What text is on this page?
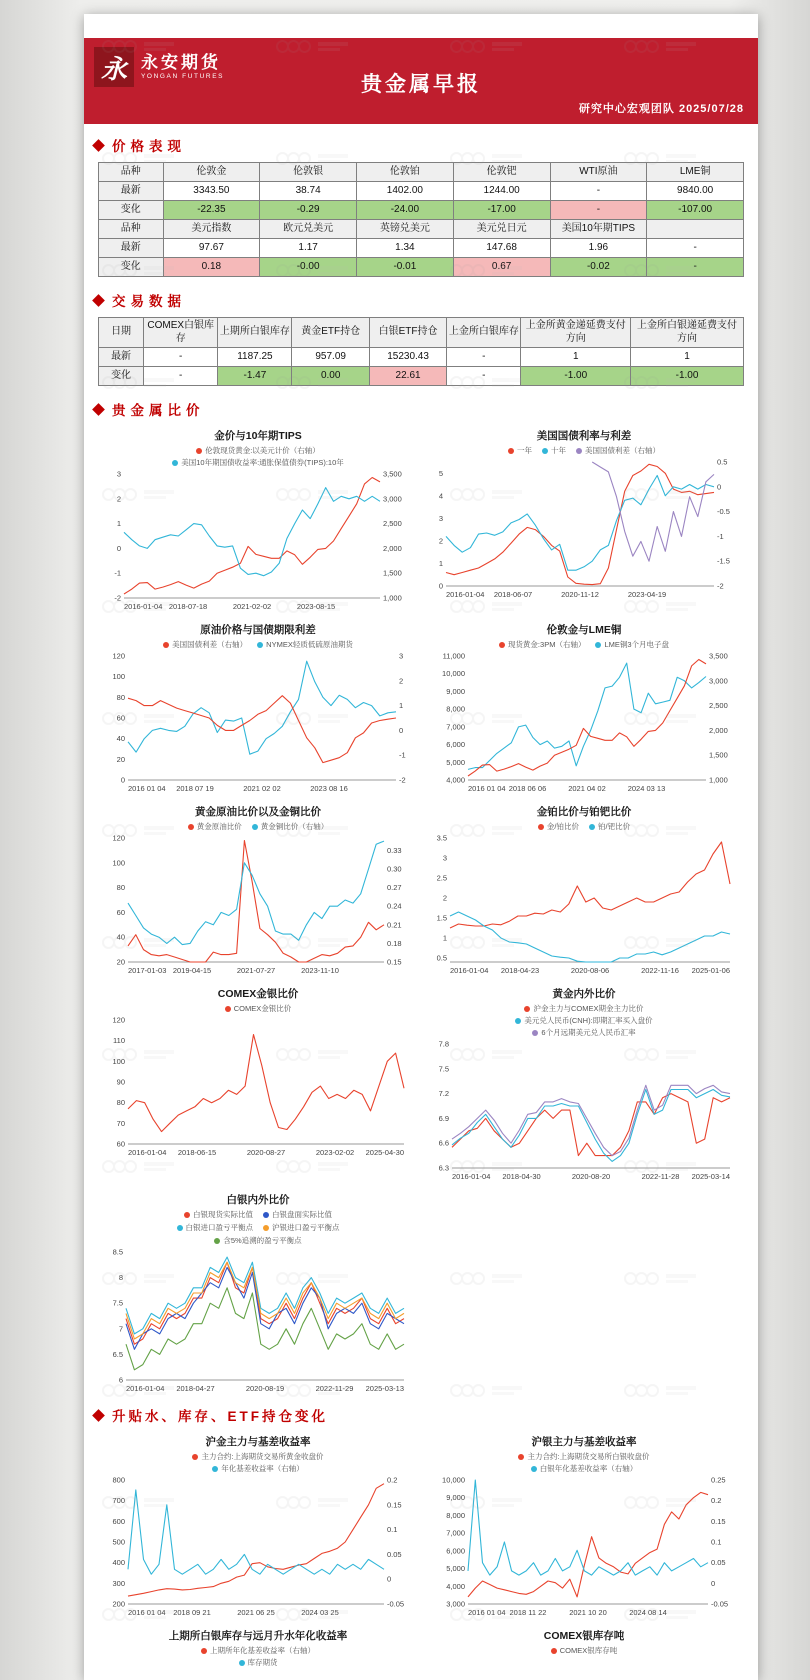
永 永安期货
YONGAN FUTURES	贵金属早报
研究中心宏观团队 2025/07/28
价格表现
品种	伦敦金	伦敦银	伦敦铂	伦敦钯	WTI原油	LME铜
最新	3343.50	38.74	1402.00	1244.00	-	9840.00
变化	-22.35	-0.29	-24.00	-17.00	-	-107.00
品种	美元指数	欧元兑美元	英镑兑美元	美元兑日元	美国10年期TIPS	
最新	97.67	1.17	1.34	147.68	1.96	-
变化	0.18	-0.00	-0.01	0.67	-0.02	-
交易数据
日期	COMEX白银库存	上期所白银库存	黄金ETF持仓	白银ETF持仓	上金所白银库存	上金所黄金递延费支付方向	上金所白银递延费支付方向
最新	-	1187.25	957.09	15230.43	-	1	1
变化	-	-1.47	0.00	22.61	-	-1.00	-1.00
贵金属比价
金价与10年期TIPS
伦敦现货黄金:以美元计价（右轴）
美国10年期国债收益率:通胀保值债券(TIPS):10年
3
2
1
0
-1
-2
3,500
3,000
2,500
2,000
1,500
1,000
2016-01-04 2018-07-18	2021-02-02	2023-08-15
美国国债利率与利差
一年	十年	美国国债利差（右轴）
5
4
3
2
1
0
0.5
0
-0.5
-1
-1.5
-2
2016-01-04 2018-06-07	2020-11-12	2023-04-19
原油价格与国债期限利差
美国国债利差（右轴）	NYMEX轻质低硫原油期货
120
100
80
60
40
20
0
3
2
1
0
-1
-2
2016 01 04 2018 07 19	2021 02 02	2023 08 16
伦敦金与LME铜
现货黄金:3PM（右轴）	LME铜3个月电子盘
11,000
10,000
9,000
8,000
7,000
6,000
5,000
4,000
3,500
3,000
2,500
2,000
1,500
1,000
2016 01 04 2018 06 06	2021 04 02	2024 03 13
黄金原油比价以及金铜比价
黄金原油比价	黄金铜比价（右轴）
120
100
80
60
40
20
0.33
0.30
0.27
0.24
0.21
0.18
0.15
2017-01-03 2019-04-15	2021-07-27	2023-11-10
金铂比价与铂钯比价
金/铂比价	铂/钯比价
3.5
3
2.5
2
1.5
1
0.5
2016-01-04 2018-04-23	2020-08-06	2022-11-16 2025-01-06
COMEX金银比价
COMEX金银比价
120
110
100
90
80
70
60
2016-01-04 2018-06-15	2020-08-27	2023-02-02 2025-04-30
黄金内外比价
沪金主力与COMEX期金主力比价
美元兑人民币(CNH):即期汇率买入盘价
6个月远期美元兑人民币汇率
7.8
7.5
7.2
6.9
6.6
6.3
2016-01-04 2018-04-30	2020-08-20	2022-11-28 2025-03-14
白银内外比价
白银现货实际比值	白银盘面实际比值
白银进口盈亏平衡点	沪银进口盈亏平衡点
含5%追溯的盈亏平衡点
8.5
8
7.5
7
6.5
6
2016-01-04 2018-04-27	2020-08-19	2022-11-29 2025-03-13
升贴水、库存、ETF持仓变化
沪金主力与基差收益率
主力合约:上海期货交易所黄金收盘价
年化基差收益率（右轴）
800
700
600
500
400
300
200
0.2
0.15
0.1
0.05
0
-0.05
2016 01 04 2018 09 21	2021 06 25	2024 03 25
沪银主力与基差收益率
主力合约:上海期货交易所白银收盘价
白银年化基差收益率（右轴）
10,000
9,000
8,000
7,000
6,000
5,000
4,000
3,000
0.25
0.2
0.15
0.1
0.05
0
-0.05
2016 01 04 2018 11 22	2021 10 20	2024 08 14
上期所白银库存与远月升水年化收益率
上期所年化基差收益率（右轴）
库存期货
COMEX银库存吨
COMEX银库存吨
